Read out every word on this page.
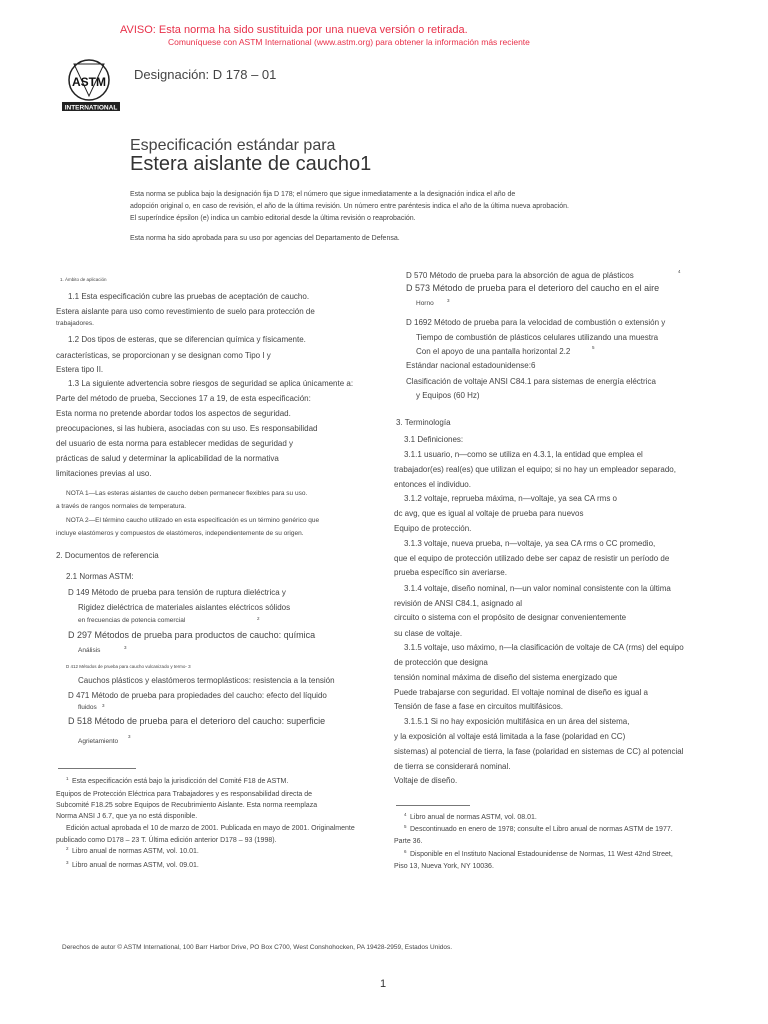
AVISO: Esta norma ha sido sustituida por una nueva versión o retirada.
Comuníquese con ASTM International (www.astm.org) para obtener la información más reciente
ASTM
INTERNATIONAL
Designación: D 178 – 01
Especificación estándar para
Estera aislante de caucho1
Esta norma se publica bajo la designación fija D 178; el número que sigue inmediatamente a la designación indica el año de
adopción original o, en caso de revisión, el año de la última revisión. Un número entre paréntesis indica el año de la última nueva aprobación.
El superíndice épsilon (e) indica un cambio editorial desde la última revisión o reaprobación.
Esta norma ha sido aprobada para su uso por agencias del Departamento de Defensa.
1. Ámbito de aplicación
1.1 Esta especificación cubre las pruebas de aceptación de caucho.
Estera aislante para uso como revestimiento de suelo para protección de
trabajadores.
1.2 Dos tipos de esteras, que se diferencian química y físicamente.
características, se proporcionan y se designan como Tipo I y
Estera tipo II.
1.3 La siguiente advertencia sobre riesgos de seguridad se aplica únicamente a:
Parte del método de prueba, Secciones 17 a 19, de esta especificación:
Esta norma no pretende abordar todos los aspectos de seguridad.
preocupaciones, si las hubiera, asociadas con su uso. Es responsabilidad
del usuario de esta norma para establecer medidas de seguridad y
prácticas de salud y determinar la aplicabilidad de la normativa
limitaciones previas al uso.
NOTA 1—Las esteras aislantes de caucho deben permanecer flexibles para su uso.
a través de rangos normales de temperatura.
NOTA 2—El término caucho utilizado en esta especificación es un término genérico que
incluye elastómeros y compuestos de elastómeros, independientemente de su origen.
2. Documentos de referencia
2.1 Normas ASTM:
D 149 Método de prueba para tensión de ruptura dieléctrica y
Rigidez dieléctrica de materiales aislantes eléctricos sólidos
en frecuencias de potencia comercial	2
D 297 Métodos de prueba para productos de caucho: química
Análisis	3
D 412 Métodos de prueba para caucho vulcanizado y termo- 3
Cauchos plásticos y elastómeros termoplásticos: resistencia a la tensión
D 471 Método de prueba para propiedades del caucho: efecto del líquido
fluidos 3
D 518 Método de prueba para el deterioro del caucho: superficie
Agrietamiento
3
1 Esta especificación está bajo la jurisdicción del Comité F18 de ASTM.
Equipos de Protección Eléctrica para Trabajadores y es responsabilidad directa de
Subcomité F18.25 sobre Equipos de Recubrimiento Aislante. Esta norma reemplaza
Norma ANSI J 6.7, que ya no está disponible.
Edición actual aprobada el 10 de marzo de 2001. Publicada en mayo de 2001. Originalmente
publicado como D178 – 23 T. Última edición anterior D178 – 93 (1998).
2 Libro anual de normas ASTM, vol. 10.01.
3 Libro anual de normas ASTM, vol. 09.01.
D 570 Método de prueba para la absorción de agua de plásticos	4
D 573 Método de prueba para el deterioro del caucho en el aire
Horno	3
D 1692 Método de prueba para la velocidad de combustión o extensión y
Tiempo de combustión de plásticos celulares utilizando una muestra
Con el apoyo de una pantalla horizontal 2.2	5
Estándar nacional estadounidense:6
Clasificación de voltaje ANSI C84.1 para sistemas de energía eléctrica
y Equipos (60 Hz)
3. Terminología
3.1 Definiciones:
3.1.1 usuario, n—como se utiliza en 4.3.1, la entidad que emplea el
trabajador(es) real(es) que utilizan el equipo; si no hay un empleador separado,
entonces el individuo.
3.1.2 voltaje, reprueba máxima, n—voltaje, ya sea CA rms o
dc avg, que es igual al voltaje de prueba para nuevos
Equipo de protección.
3.1.3 voltaje, nueva prueba, n—voltaje, ya sea CA rms o CC promedio,
que el equipo de protección utilizado debe ser capaz de resistir un período de
prueba específico sin averiarse.
3.1.4 voltaje, diseño nominal, n—un valor nominal consistente con la última
revisión de ANSI C84.1, asignado al
circuito o sistema con el propósito de designar convenientemente
su clase de voltaje.
3.1.5 voltaje, uso máximo, n—la clasificación de voltaje de CA (rms) del equipo
de protección que designa
tensión nominal máxima de diseño del sistema energizado que
Puede trabajarse con seguridad. El voltaje nominal de diseño es igual a
Tensión de fase a fase en circuitos multifásicos.
3.1.5.1 Si no hay exposición multifásica en un área del sistema,
y la exposición al voltaje está limitada a la fase (polaridad en CC)
sistemas) al potencial de tierra, la fase (polaridad en sistemas de CC) al potencial
de tierra se considerará nominal.
Voltaje de diseño.
4 Libro anual de normas ASTM, vol. 08.01.
5 Descontinuado en enero de 1978; consulte el Libro anual de normas ASTM de 1977.
Parte 36.
6 Disponible en el Instituto Nacional Estadounidense de Normas, 11 West 42nd Street,
Piso 13, Nueva York, NY 10036.
Derechos de autor © ASTM International, 100 Barr Harbor Drive, PO Box C700, West Conshohocken, PA 19428-2959, Estados Unidos.
1
